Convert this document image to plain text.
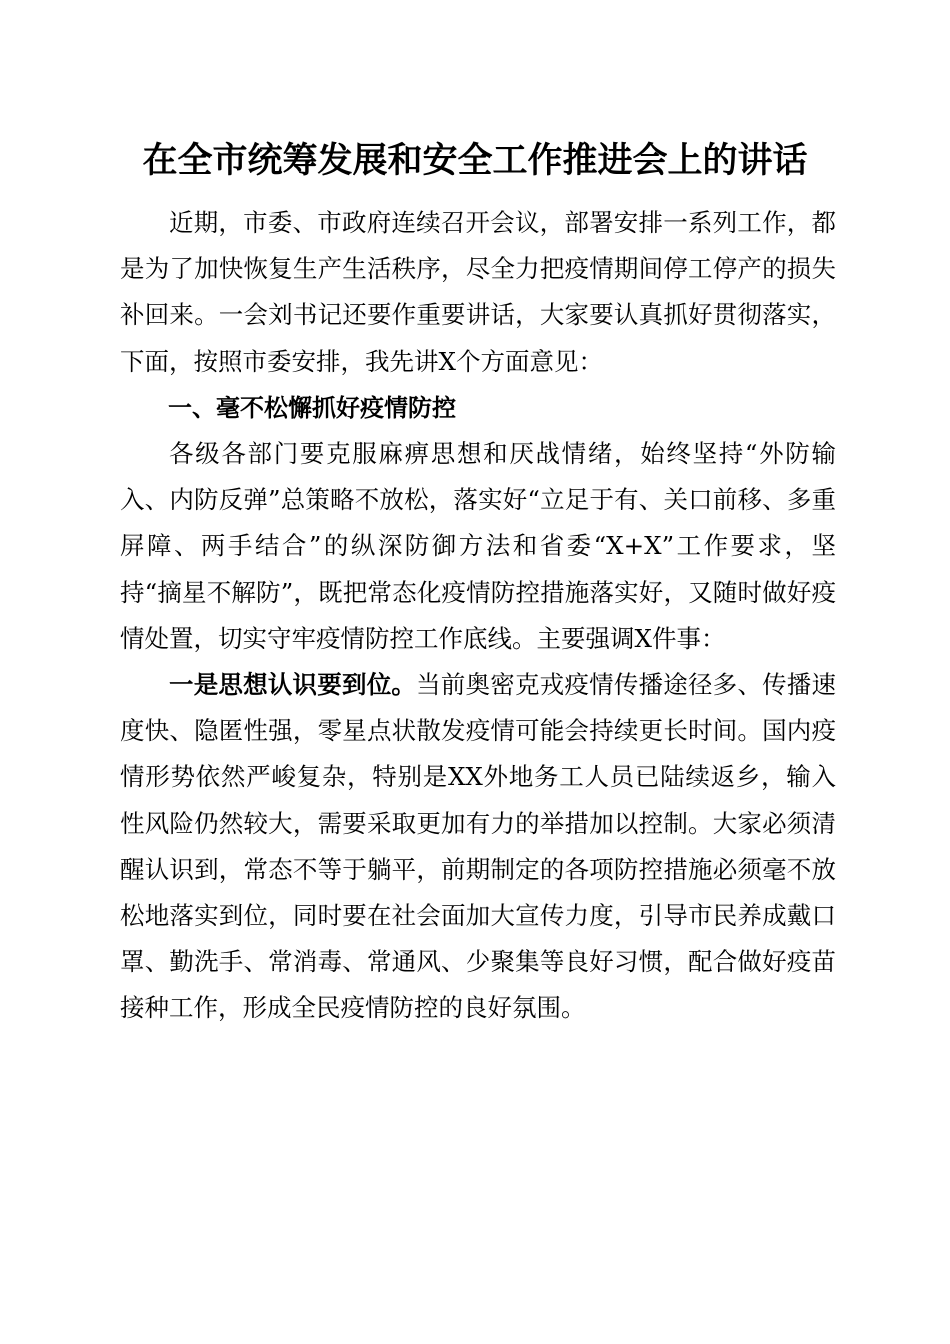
在全市统筹发展和安全工作推进会上的讲话

近期，市委、市政府连续召开会议，部署安排一系列工作，都是为了加快恢复生产生活秩序，尽全力把疫情期间停工停产的损失补回来。一会刘书记还要作重要讲话，大家要认真抓好贯彻落实，下面，按照市委安排，我先讲X个方面意见：

一、毫不松懈抓好疫情防控

各级各部门要克服麻痹思想和厌战情绪，始终坚持“外防输入、内防反弹”总策略不放松，落实好“立足于有、关口前移、多重屏障、两手结合”的纵深防御方法和省委“X+X”工作要求，坚持“摘星不解防”，既把常态化疫情防控措施落实好，又随时做好疫情处置，切实守牢疫情防控工作底线。主要强调X件事：

一是思想认识要到位。当前奥密克戎疫情传播途径多、传播速度快、隐匿性强，零星点状散发疫情可能会持续更长时间。国内疫情形势依然严峻复杂，特别是XX外地务工人员已陆续返乡，输入性风险仍然较大，需要采取更加有力的举措加以控制。大家必须清醒认识到，常态不等于躺平，前期制定的各项防控措施必须毫不放松地落实到位，同时要在社会面加大宣传力度，引导市民养成戴口罩、勤洗手、常消毒、常通风、少聚集等良好习惯，配合做好疫苗接种工作，形成全民疫情防控的良好氛围。
